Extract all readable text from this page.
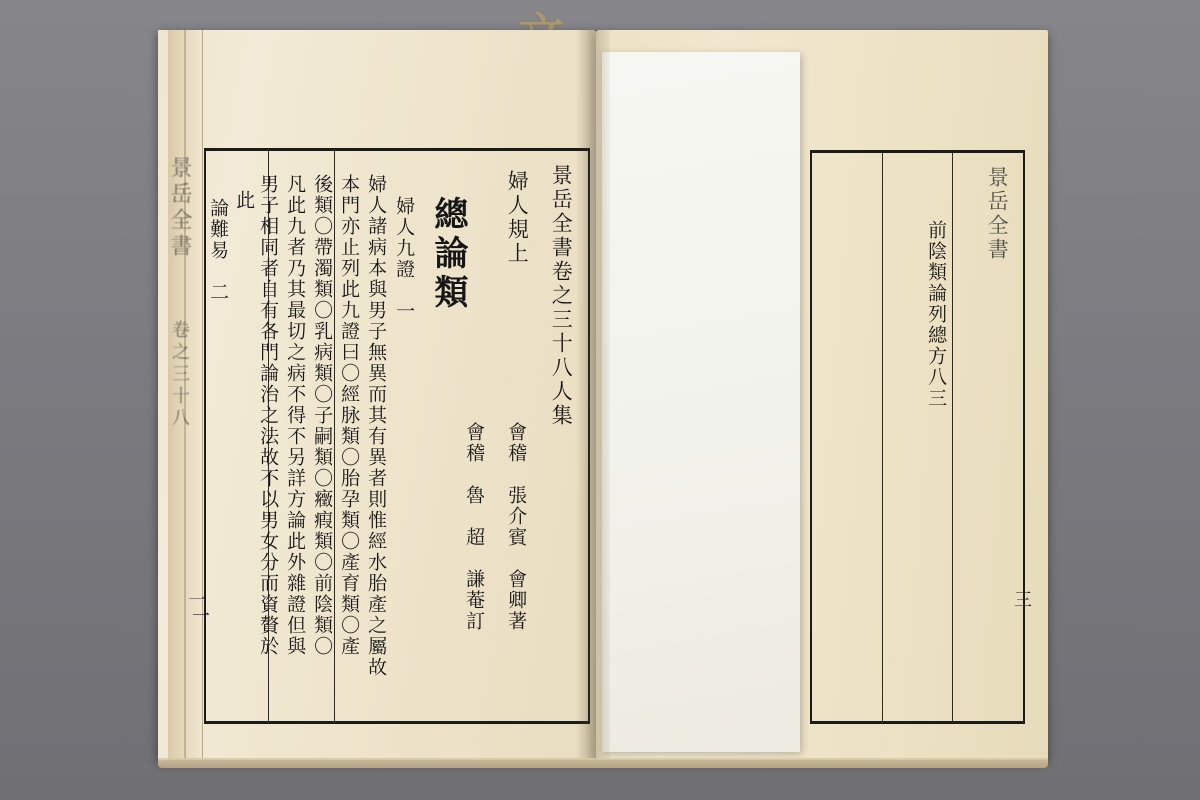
景岳全書
卷之三十八
一
景岳全書卷之三十八人集
婦人規上
會稽　張介賓　會卿著
會稽　魯　超　謙菴訂
總論類
婦人九證　一
婦人諸病本與男子無異而其有異者則惟經水胎產之屬故
本門亦止列此九證曰〇經脉類〇胎孕類〇產育類〇產
後類〇帶濁類〇乳病類〇子嗣類〇癥瘕類〇前陰類〇
凡此九者乃其最切之病不得不另詳方論此外雜證但與
男子相同者自有各門論治之法故不以男女分而資贅於
此
論難易　二
一
景岳全書
前陰類論列總方八三
三
